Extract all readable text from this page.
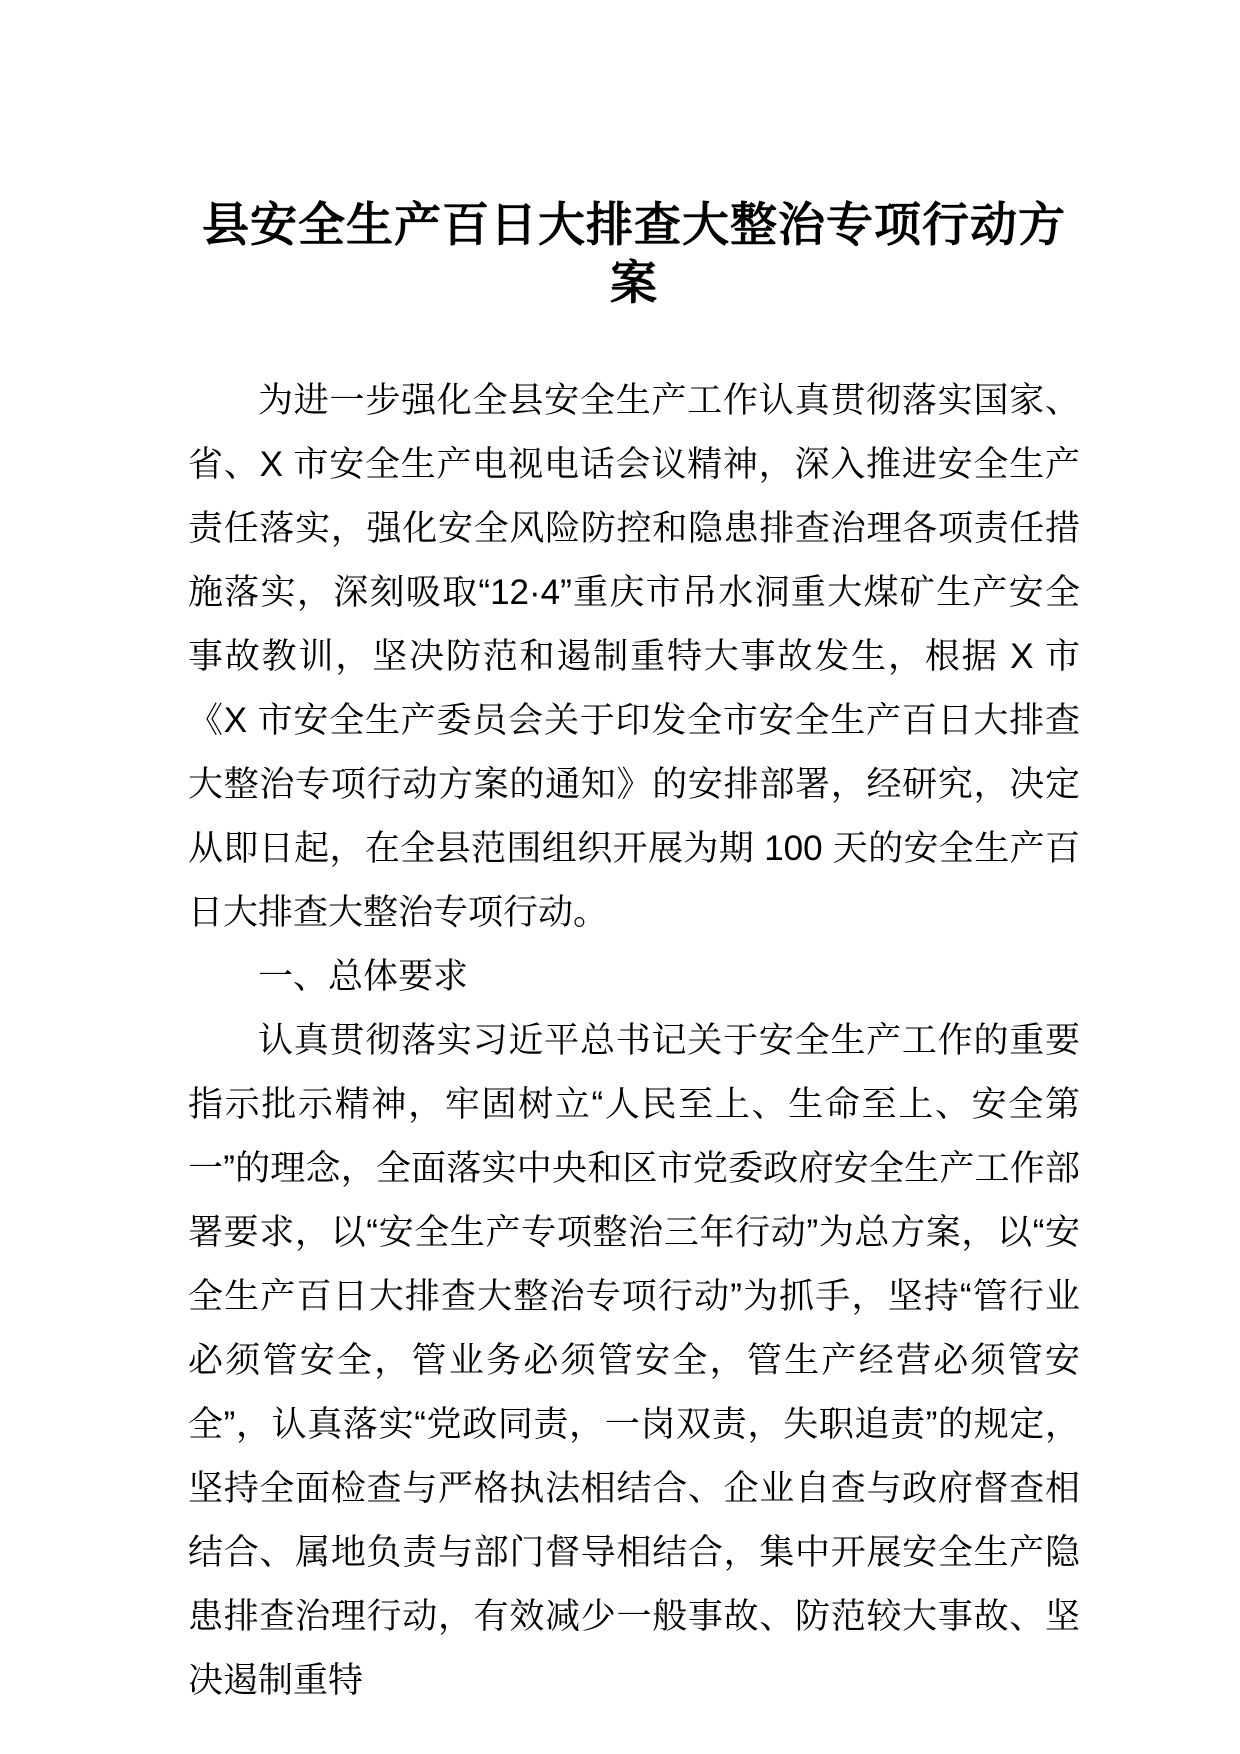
县安全生产百日大排查大整治专项行动方案

为进一步强化全县安全生产工作认真贯彻落实国家、省、X 市安全生产电视电话会议精神，深入推进安全生产责任落实，强化安全风险防控和隐患排查治理各项责任措施落实，深刻吸取“12·4”重庆市吊水洞重大煤矿生产安全事故教训，坚决防范和遏制重特大事故发生，根据 X 市《X 市安全生产委员会关于印发全市安全生产百日大排查大整治专项行动方案的通知》的安排部署，经研究，决定从即日起，在全县范围组织开展为期 100 天的安全生产百日大排查大整治专项行动。

一、总体要求

认真贯彻落实习近平总书记关于安全生产工作的重要指示批示精神，牢固树立“人民至上、生命至上、安全第一”的理念，全面落实中央和区市党委政府安全生产工作部署要求，以“安全生产专项整治三年行动”为总方案，以“安全生产百日大排查大整治专项行动”为抓手，坚持“管行业必须管安全，管业务必须管安全，管生产经营必须管安全”，认真落实“党政同责，一岗双责，失职追责”的规定，坚持全面检查与严格执法相结合、企业自查与政府督查相结合、属地负责与部门督导相结合，集中开展安全生产隐患排查治理行动，有效减少一般事故、防范较大事故、坚决遏制重特
